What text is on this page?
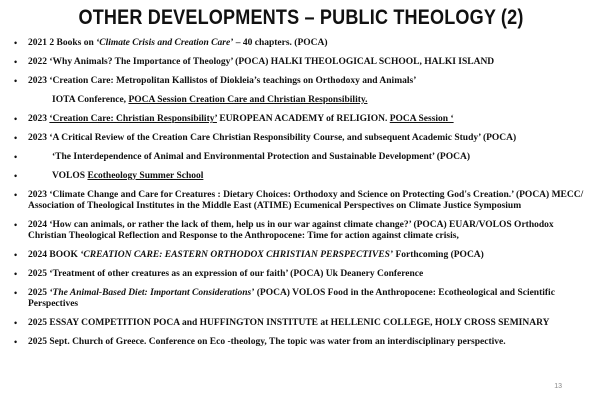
OTHER DEVELOPMENTS – PUBLIC THEOLOGY (2)
• 2021 2 Books on ‘Climate Crisis and Creation Care’ – 40 chapters. (POCA)
• 2022 ‘Why Animals? The Importance of Theology’ (POCA) HALKI THEOLOGICAL SCHOOL, HALKI ISLAND
• 2023 ‘Creation Care: Metropolitan Kallistos of Diokleia’s teachings on Orthodoxy and Animals’
IOTA Conference, POCA Session Creation Care and Christian Responsibility.
• 2023 ‘Creation Care: Christian Responsibility’ EUROPEAN ACADEMY of RELIGION. POCA Session ‘
• 2023 ‘A Critical Review of the Creation Care Christian Responsibility Course, and subsequent Academic Study’ (POCA)
•	‘The Interdependence of Animal and Environmental Protection and Sustainable Development’ (POCA)
•	VOLOS Ecotheology Summer School
• 2023 ‘Climate Change and Care for Creatures : Dietary Choices: Orthodoxy and Science on Protecting God's Creation.’ (POCA) MECC/ Association of Theological Institutes in the Middle East (ATIME) Ecumenical Perspectives on Climate Justice Symposium
• 2024 ‘How can animals, or rather the lack of them, help us in our war against climate change?’ (POCA) EUAR/VOLOS Orthodox Christian Theological Reflection and Response to the Anthropocene: Time for action against climate crisis,
• 2024 BOOK ‘CREATION CARE: EASTERN ORTHODOX CHRISTIAN PERSPECTIVES’ Forthcoming (POCA)
• 2025 ‘Treatment of other creatures as an expression of our faith’ (POCA) Uk Deanery Conference
• 2025 ‘The Animal-Based Diet: Important Considerations’ (POCA) VOLOS Food in the Anthropocene: Ecotheological and Scientific Perspectives
• 2025 ESSAY COMPETITION POCA and HUFFINGTON INSTITUTE at HELLENIC COLLEGE, HOLY CROSS SEMINARY
• 2025 Sept. Church of Greece. Conference on Eco -theology, The topic was water from an interdisciplinary perspective.
13
